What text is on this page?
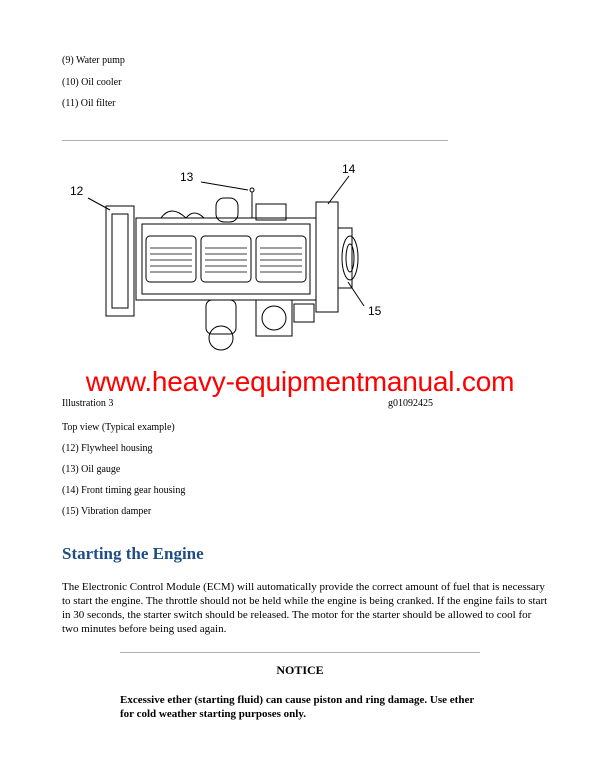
(9) Water pump
(10) Oil cooler
(11) Oil filter
12
13
14
15
www.heavy-equipmentmanual.com
Illustration 3	g01092425
Top view (Typical example)
(12) Flywheel housing
(13) Oil gauge
(14) Front timing gear housing
(15) Vibration damper
Starting the Engine

The Electronic Control Module (ECM) will automatically provide the correct amount of fuel that is necessary to start the engine. The throttle should not be held while the engine is being cranked. If the engine fails to start in 30 seconds, the starter switch should be released. The motor for the starter should be allowed to cool for two minutes before being used again.

NOTICE

Excessive ether (starting fluid) can cause piston and ring damage. Use ether for cold weather starting purposes only.
